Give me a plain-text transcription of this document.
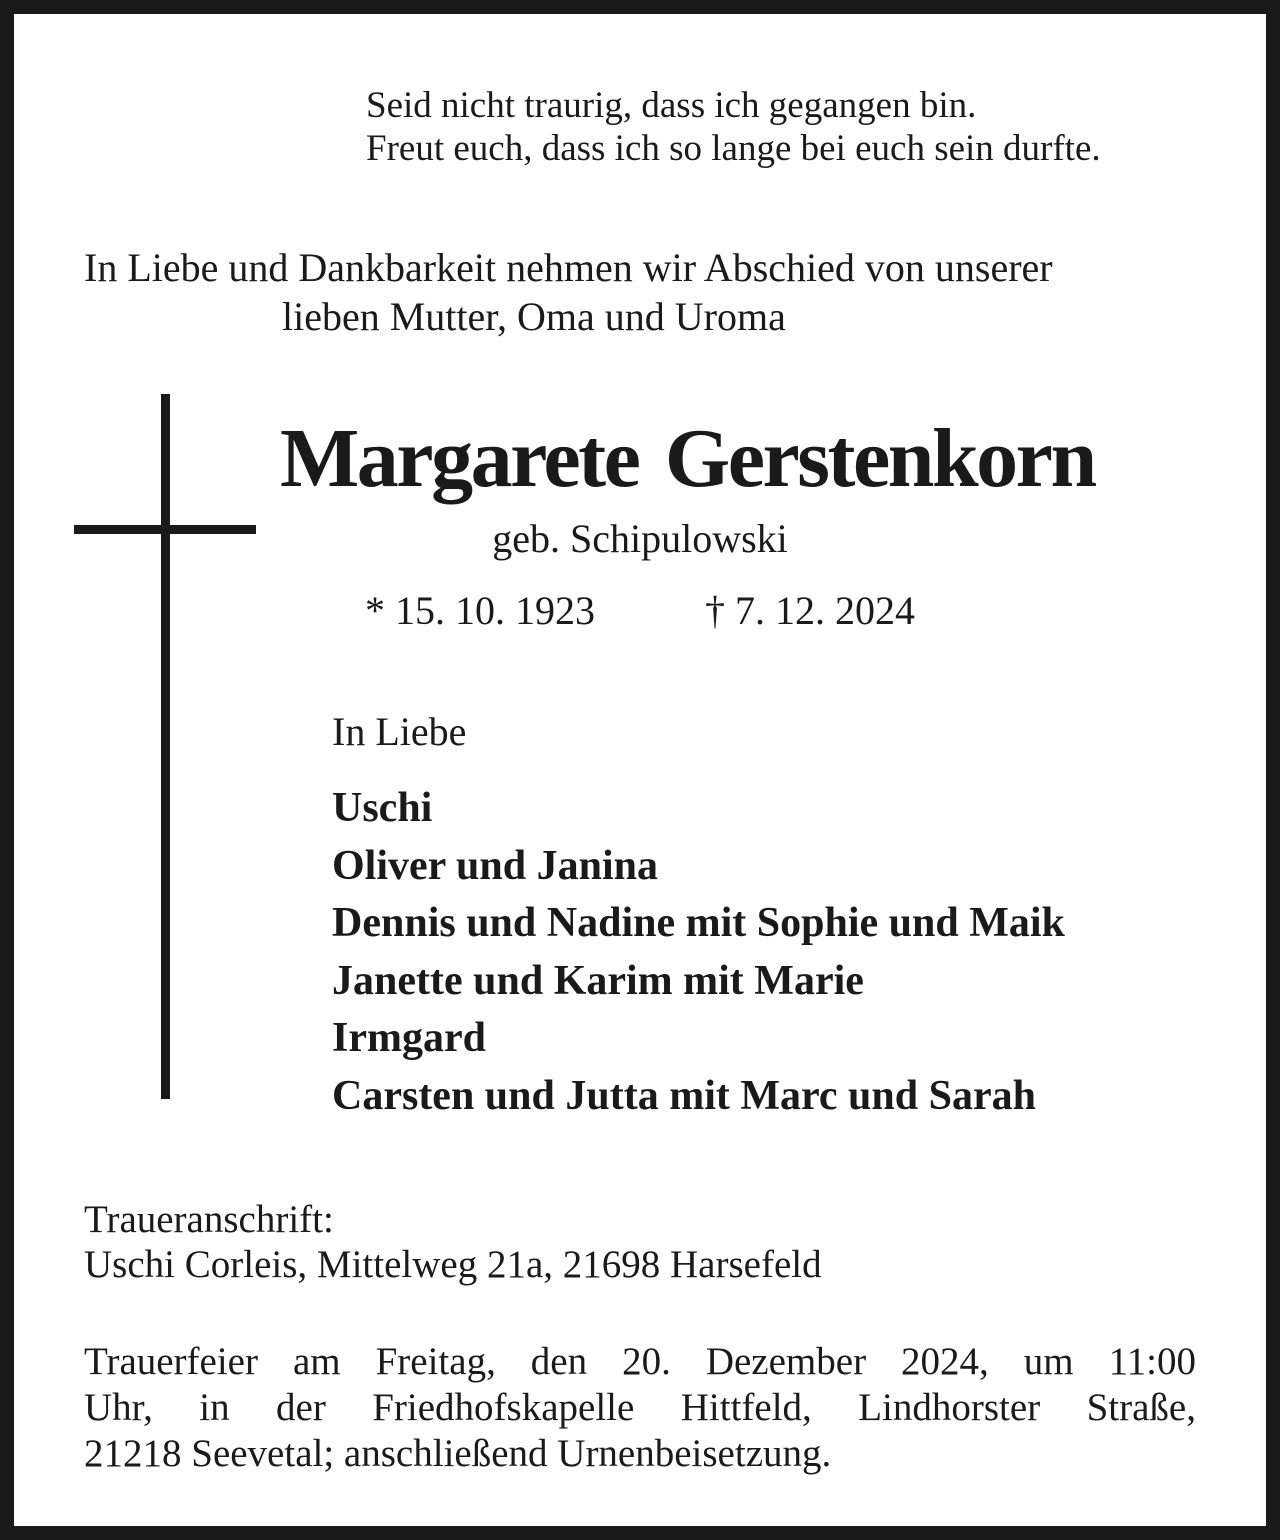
Seid nicht traurig, dass ich gegangen bin.
Freut euch, dass ich so lange bei euch sein durfte.
In Liebe und Dankbarkeit nehmen wir Abschied von unserer
lieben Mutter, Oma und Uroma
Margarete Gerstenkorn
geb. Schipulowski
* 15. 10. 1923	† 7. 12. 2024
In Liebe
Uschi
Oliver und Janina
Dennis und Nadine mit Sophie und Maik
Janette und Karim mit Marie
Irmgard
Carsten und Jutta mit Marc und Sarah
Traueranschrift:
Uschi Corleis, Mittelweg 21a, 21698 Harsefeld
Trauerfeier am Freitag, den 20. Dezember 2024, um 11:00
Uhr, in der Friedhofskapelle Hittfeld, Lindhorster Straße,
21218 Seevetal; anschließend Urnenbeisetzung.
